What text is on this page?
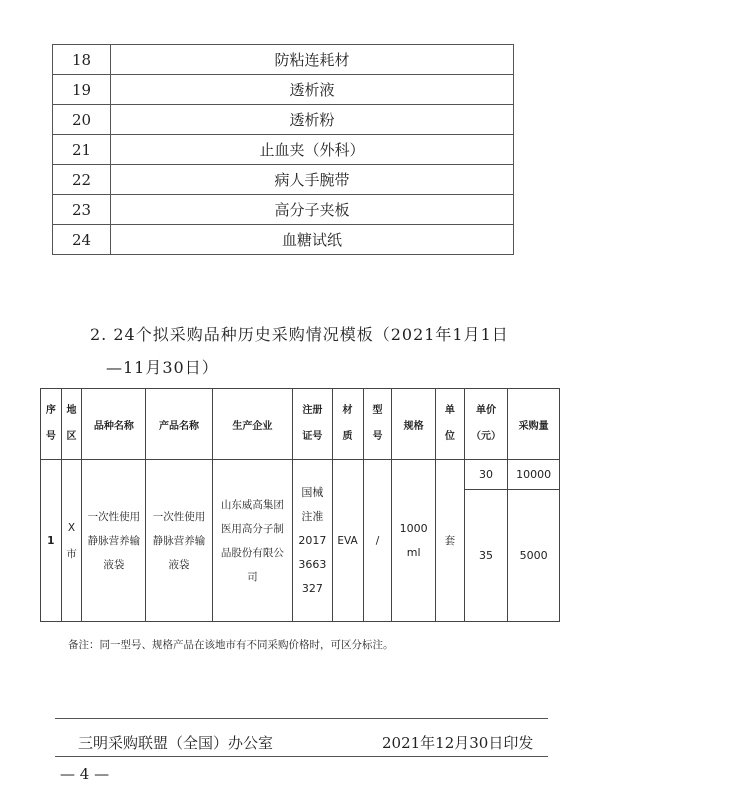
18	防粘连耗材
19	透析液
20	透析粉
21	止血夹（外科）
22	病人手腕带
23	高分子夹板
24	血糖试纸
2. 24个拟采购品种历史采购情况模板（2021年1月1日
—11月30日）
序号	地区	品种名称	产品名称	生产企业	注册证号	材质	型号	规格	单位	单价（元）	采购量
1	X市	一次性使用静脉营养输液袋	一次性使用静脉营养输液袋	山东威高集团医用高分子制品股份有限公司	国械注准20173663327	EVA	/	1000ml	套	30	10000
										35	5000
备注：同一型号、规格产品在该地市有不同采购价格时，可区分标注。
三明采购联盟（全国）办公室	2021年12月30日印发
— 4 —
